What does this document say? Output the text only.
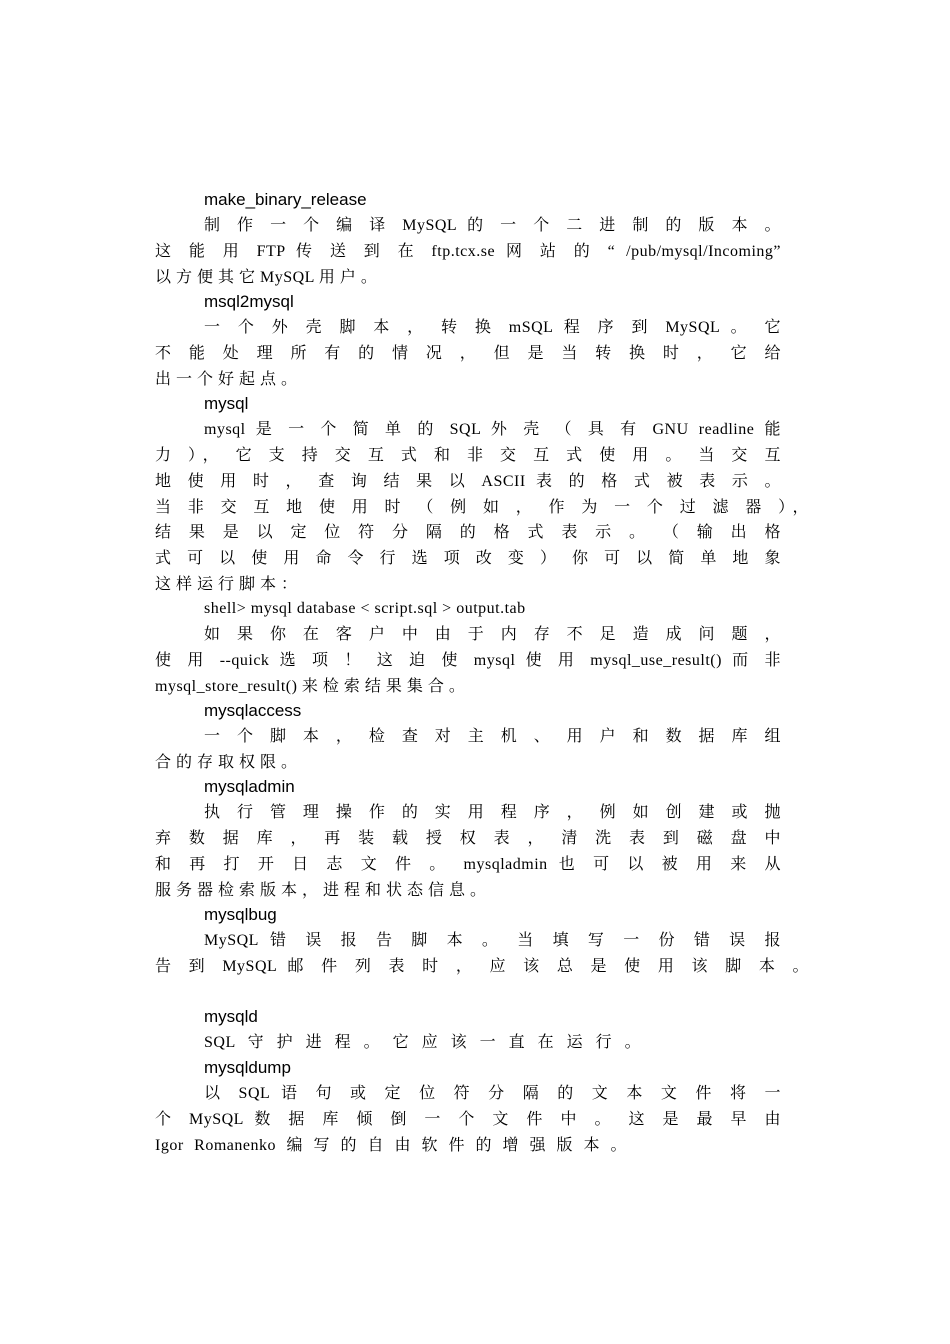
make_binary_release
制 作 一 个 编 译 MySQL 的 一 个 二 进 制 的 版 本 。
这 能 用 FTP 传 送 到 在 ftp.tcx.se 网 站 的 “ /pub/mysql/Incoming”
以 方 便 其 它 MySQL 用 户 。
msql2mysql
一 个 外 壳 脚 本 ， 转 换 mSQL 程 序 到 MySQL 。 它
不 能 处 理 所 有 的 情 况 ， 但 是 当 转 换 时 ， 它 给
出 一 个 好 起 点 。
mysql
mysql 是 一 个 简 单 的 SQL 外 壳 （ 具 有 GNU readline 能
力 ）， 它 支 持 交 互 式 和 非 交 互 式 使 用 。 当 交 互
地 使 用 时 ， 查 询 结 果 以 ASCII 表 的 格 式 被 表 示 。
当 非 交 互 地 使 用 时 （ 例 如 ， 作 为 一 个 过 滤 器 ），
结 果 是 以 定 位 符 分 隔 的 格 式 表 示 。 （ 输 出 格
式 可 以 使 用 命 令 行 选 项 改 变 ） 你 可 以 简 单 地 象
这 样 运 行 脚 本 ：
shell> mysql database < script.sql > output.tab
如 果 你 在 客 户 中 由 于 内 存 不 足 造 成 问 题 ，
使 用 --quick 选 项 ！ 这 迫 使 mysql 使 用 mysql_use_result() 而 非
mysql_store_result() 来 检 索 结 果 集 合 。
mysqlaccess
一 个 脚 本 ， 检 查 对 主 机 、 用 户 和 数 据 库 组
合 的 存 取 权 限 。
mysqladmin
执 行 管 理 操 作 的 实 用 程 序 ， 例 如 创 建 或 抛
弃 数 据 库 ， 再 装 载 授 权 表 ， 清 洗 表 到 磁 盘 中
和 再 打 开 日 志 文 件 。 mysqladmin 也 可 以 被 用 来 从
服 务 器 检 索 版 本 ， 进 程 和 状 态 信 息 。
mysqlbug
MySQL 错 误 报 告 脚 本 。 当 填 写 一 份 错 误 报
告 到 MySQL 邮 件 列 表 时 ， 应 该 总 是 使 用 该 脚 本 。
mysqld
SQL 守 护 进 程 。 它 应 该 一 直 在 运 行 。
mysqldump
以 SQL 语 句 或 定 位 符 分 隔 的 文 本 文 件 将 一
个 MySQL 数 据 库 倾 倒 一 个 文 件 中 。 这 是 最 早 由
Igor Romanenko 编 写 的 自 由 软 件 的 增 强 版 本 。
